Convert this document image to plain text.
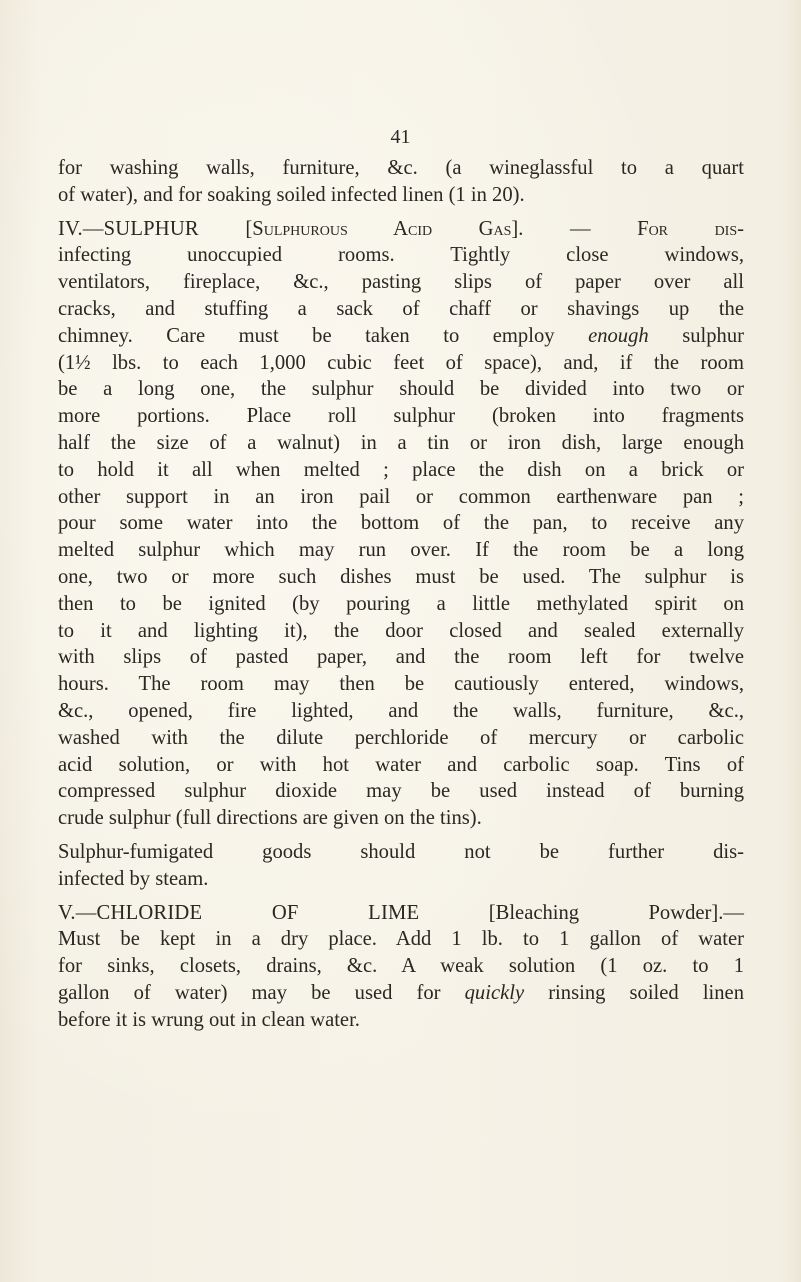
41

for washing walls, furniture, &c. (a wineglassful to a quart
of water), and for soaking soiled infected linen (1 in 20).

IV.—SULPHUR [Sulphurous Acid Gas]. — For dis-
infecting unoccupied rooms. Tightly close windows,
ventilators, fireplace, &c., pasting slips of paper over all
cracks, and stuffing a sack of chaff or shavings up the
chimney. Care must be taken to employ enough sulphur
(1½ lbs. to each 1,000 cubic feet of space), and, if the room
be a long one, the sulphur should be divided into two or
more portions. Place roll sulphur (broken into fragments
half the size of a walnut) in a tin or iron dish, large enough
to hold it all when melted ; place the dish on a brick or
other support in an iron pail or common earthenware pan ;
pour some water into the bottom of the pan, to receive any
melted sulphur which may run over. If the room be a long
one, two or more such dishes must be used. The sulphur is
then to be ignited (by pouring a little methylated spirit on
to it and lighting it), the door closed and sealed externally
with slips of pasted paper, and the room left for twelve
hours. The room may then be cautiously entered, windows,
&c., opened, fire lighted, and the walls, furniture, &c.,
washed with the dilute perchloride of mercury or carbolic
acid solution, or with hot water and carbolic soap. Tins of
compressed sulphur dioxide may be used instead of burning
crude sulphur (full directions are given on the tins).

Sulphur-fumigated goods should not be further dis-
infected by steam.

V.—CHLORIDE OF LIME	[Bleaching Powder].—
Must be kept in a dry place. Add 1 lb. to 1 gallon of water
for sinks, closets, drains, &c. A weak solution (1 oz. to 1
gallon of water) may be used for quickly rinsing soiled linen
before it is wrung out in clean water.
